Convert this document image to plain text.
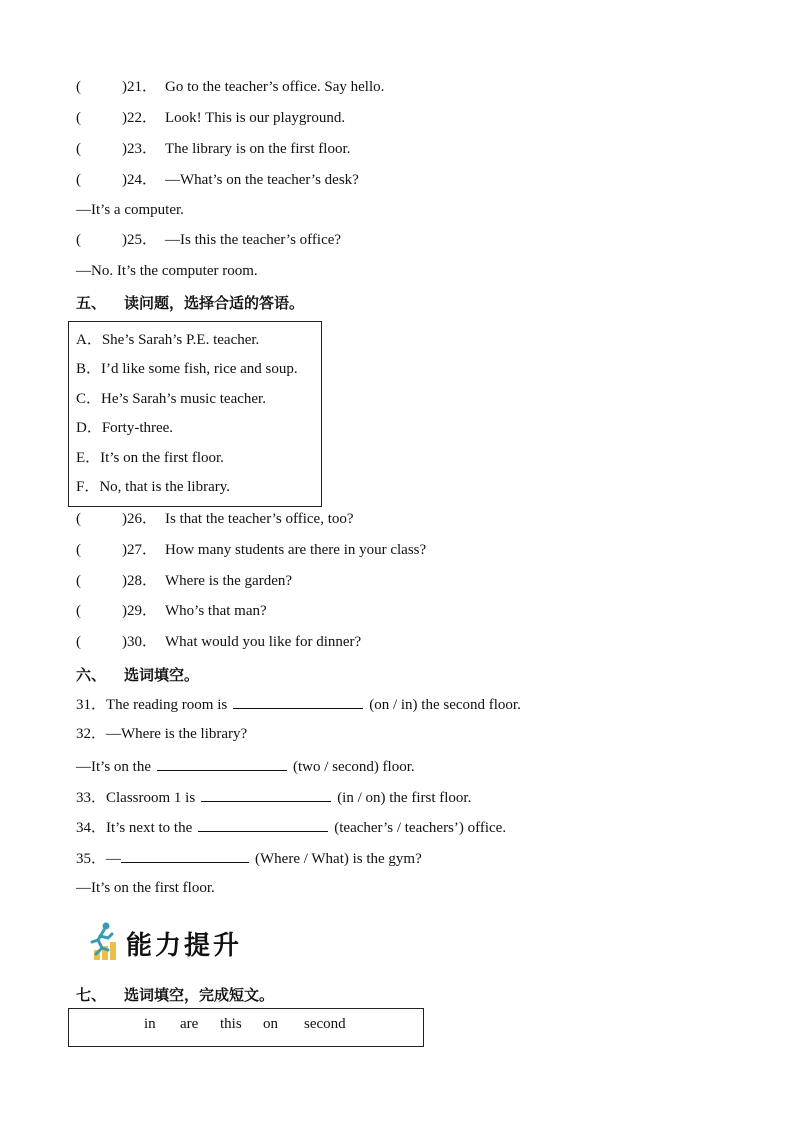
(	)21． Go to the teacher’s office. Say hello.
(	)22． Look! This is our playground.
(	)23． The library is on the first floor.
(	)24． —What’s on the teacher’s desk?
—It’s a computer.
(	)25． —Is this the teacher’s office?
—No. It’s the computer room.
五、 读问题，选择合适的答语。
A．She’s Sarah’s P.E. teacher.
B．I’d like some fish, rice and soup.
C．He’s Sarah’s music teacher.
D．Forty-three.
E．It’s on the first floor.
F．No, that is the library.
(	)26． Is that the teacher’s office, too?
(	)27． How many students are there in your class?
(	)28． Where is the garden?
(	)29． Who’s that man?
(	)30． What would you like for dinner?
六、 选词填空。
31．The reading room is	(on / in) the second floor.
32．—Where is the library?
—It’s on the	(two / second) floor.
33．Classroom 1 is	(in / on) the first floor.
34．It’s next to the	(teacher’s / teachers’) office.
35．—	(Where / What) is the gym?
—It’s on the first floor.
能力提升
七、 选词填空，完成短文。
in are this on second
